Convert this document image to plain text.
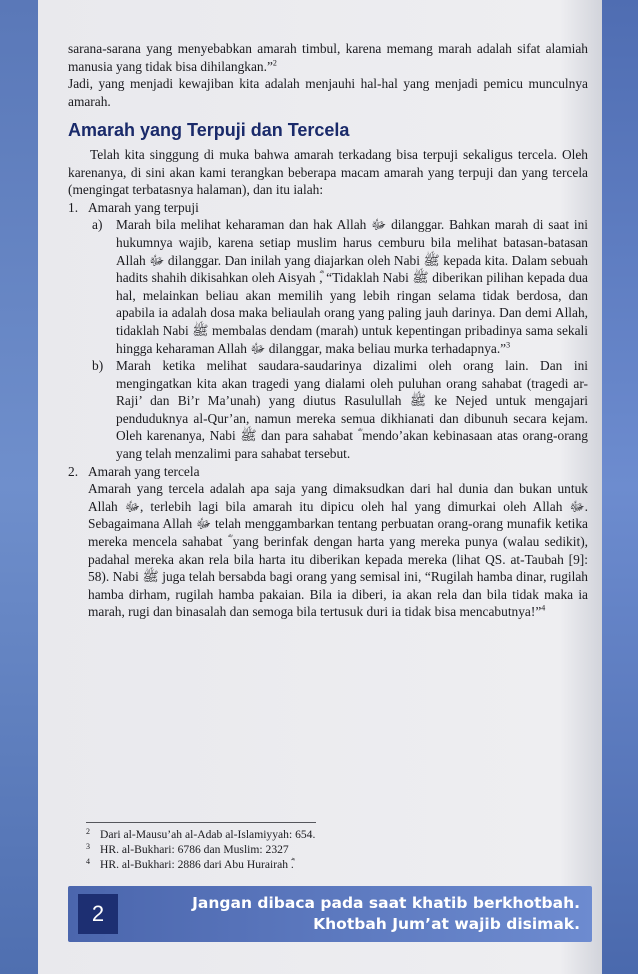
sarana-sarana yang menyebabkan amarah timbul, karena memang marah adalah sifat alamiah manusia yang tidak bisa dihilangkan.”$^2$

Jadi, yang menjadi kewajiban kita adalah menjauhi hal-hal yang menjadi pemicu munculnya amarah.

Amarah yang Terpuji dan Tercela

Telah kita singgung di muka bahwa amarah terkadang bisa terpuji sekaligus tercela. Oleh karenanya, di sini akan kami terangkan beberapa macam amarah yang terpuji dan yang tercela (mengingat terbatasnya halaman), dan itu ialah:

1. Amarah yang terpuji
a) Marah bila melihat keharaman dan hak Allah ﷻ dilanggar. Bahkan marah di saat ini hukumnya wajib, karena setiap muslim harus cemburu bila melihat batasan-batasan Allah ﷻ dilanggar. Dan inilah yang diajarkan oleh Nabi ﷺ kepada kita. Dalam sebuah hadits shahih dikisahkan oleh Aisyah ؓ, “Tidaklah Nabi ﷺ diberikan pilihan kepada dua hal, melainkan beliau akan memilih yang lebih ringan selama tidak berdosa, dan apabila ia adalah dosa maka beliaulah orang yang paling jauh darinya. Dan demi Allah, tidaklah Nabi ﷺ membalas dendam (marah) untuk kepentingan pribadinya sama sekali hingga keharaman Allah ﷻ dilanggar, maka beliau murka terhadapnya.”$^3$
b) Marah ketika melihat saudara-saudarinya dizalimi oleh orang lain. Dan ini mengingatkan kita akan tragedi yang dialami oleh puluhan orang sahabat (tragedi ar-Raji’ dan Bi’r Ma’unah) yang diutus Rasulullah ﷺ ke Nejed untuk mengajari penduduknya al-Qur’an, namun mereka semua dikhianati dan dibunuh secara kejam. Oleh karenanya, Nabi ﷺ dan para sahabat ؓ mendo’akan kebinasaan atas orang-orang yang telah menzalimi para sahabat tersebut.
2. Amarah yang tercela

Amarah yang tercela adalah apa saja yang dimaksudkan dari hal dunia dan bukan untuk Allah ﷻ, terlebih lagi bila amarah itu dipicu oleh hal yang dimurkai oleh Allah ﷻ. Sebagaimana Allah ﷻ telah menggambarkan tentang perbuatan orang-orang munafik ketika mereka mencela sahabat ؓ yang berinfak dengan harta yang mereka punya (walau sedikit), padahal mereka akan rela bila harta itu diberikan kepada mereka (lihat QS. at-Taubah [9]: 58). Nabi ﷺ juga telah bersabda bagi orang yang semisal ini, “Rugilah hamba dinar, rugilah hamba dirham, rugilah hamba pakaian. Bila ia diberi, ia akan rela dan bila tidak maka ia marah, rugi dan binasalah dan semoga bila tertusuk duri ia tidak bisa mencabutnya!”$^4$

2 Dari al-Mausu’ah al-Adab al-Islamiyyah: 654.
3 HR. al-Bukhari: 6786 dan Muslim: 2327
4 HR. al-Bukhari: 2886 dari Abu Hurairah ؓ.
2	Jangan dibaca pada saat khatib berkhotbah.
Khotbah Jum’at wajib disimak.
